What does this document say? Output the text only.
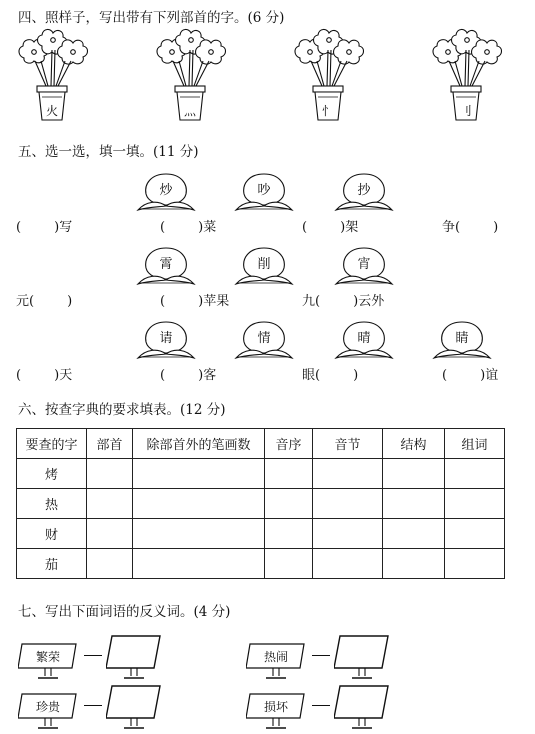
四、照样子，写出带有下列部首的字。(6 分)
火	灬	忄	刂
五、选一选，填一填。(11 分)
炒	吵	抄
(        )写	(        )菜	(        )架	争(        )
霄	削	宵
元(        )	(        )苹果	九(        )云外
请	情	晴	睛
(        )天	(        )客	眼(        )	(        )谊
六、按查字典的要求填表。(12 分)
要查的字	部首	除部首外的笔画数	音序	音节	结构	组词
烤						
热						
财						
茄						
七、写出下面词语的反义词。(4 分)
繁荣
珍贵
热闹
损坏
